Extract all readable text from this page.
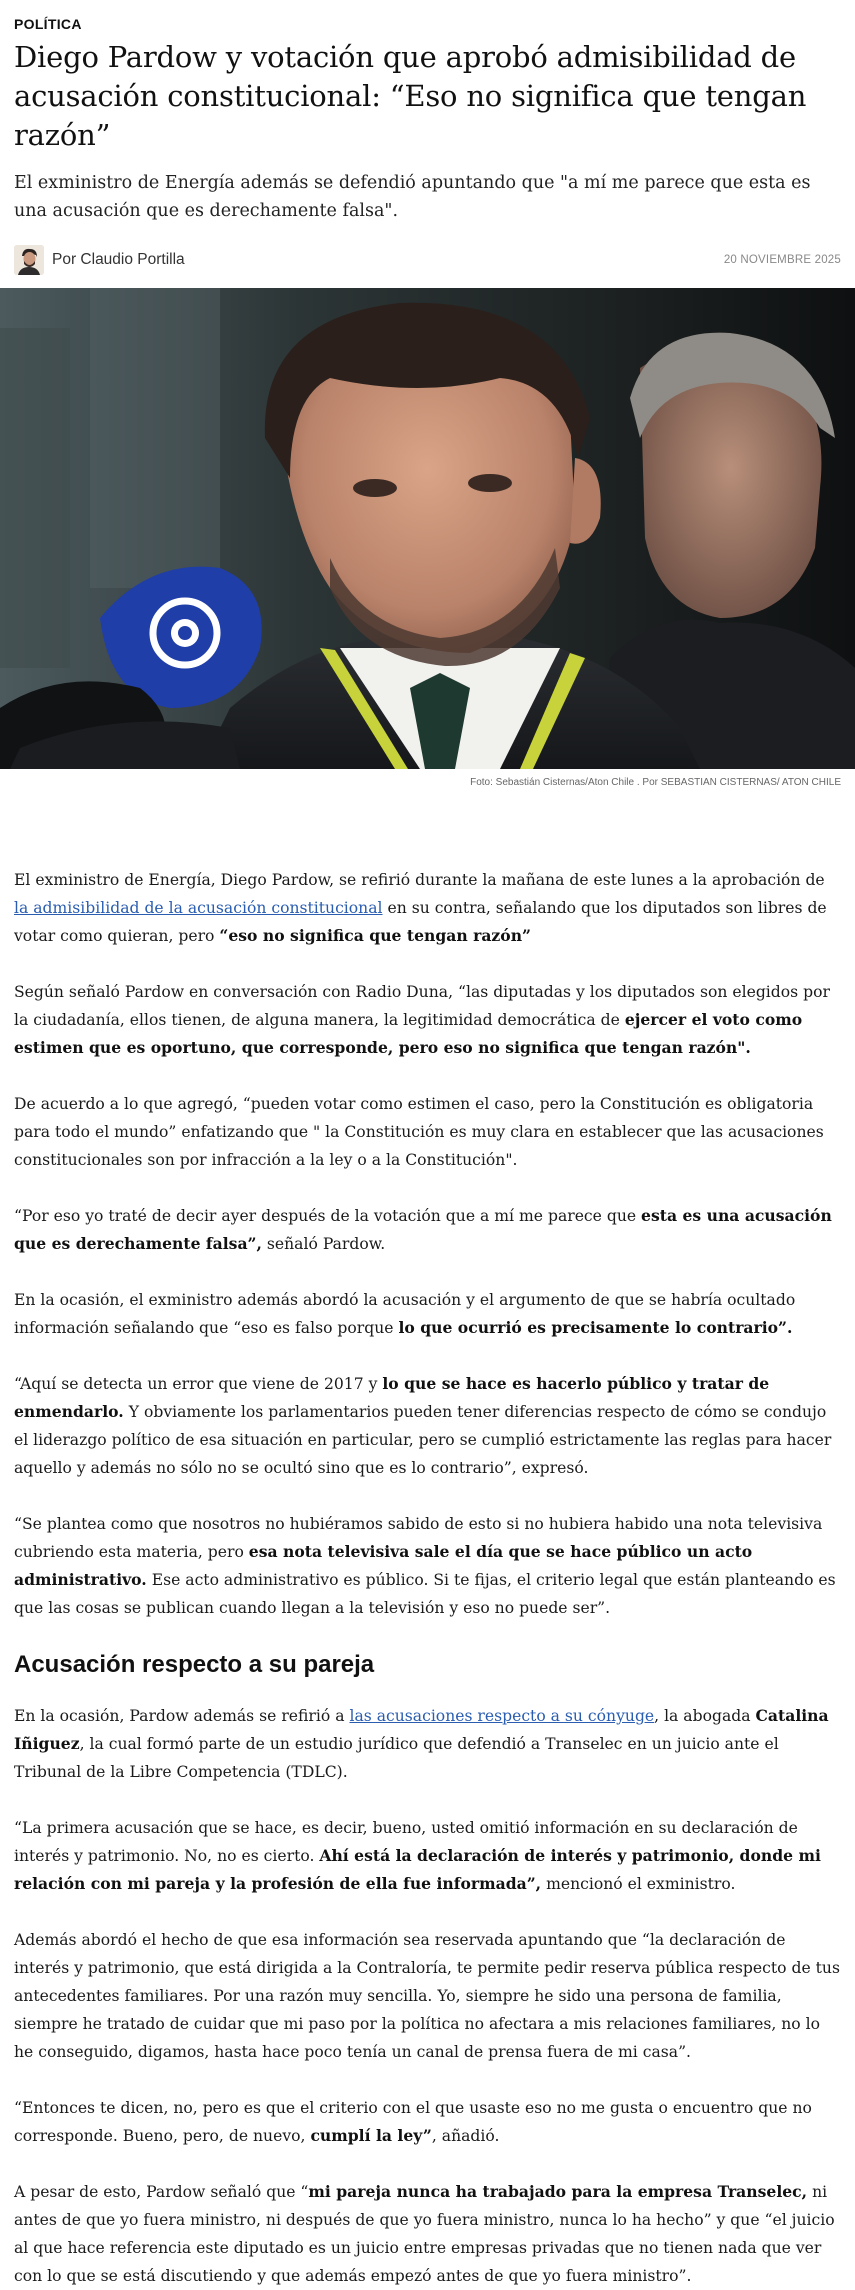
POLÍTICA
Diego Pardow y votación que aprobó admisibilidad de acusación constitucional: “Eso no significa que tengan razón”
El exministro de Energía además se defendió apuntando que "a mí me parece que esta es una acusación que es derechamente falsa".
Por Claudio Portilla	20 NOVIEMBRE 2025
Foto: Sebastián Cisternas/Aton Chile . Por SEBASTIAN CISTERNAS/ ATON CHILE

El exministro de Energía, Diego Pardow, se refirió durante la mañana de este lunes a la aprobación de la admisibilidad de la acusación constitucional en su contra, señalando que los diputados son libres de votar como quieran, pero “eso no significa que tengan razón”

Según señaló Pardow en conversación con Radio Duna, “las diputadas y los diputados son elegidos por la ciudadanía, ellos tienen, de alguna manera, la legitimidad democrática de ejercer el voto como estimen que es oportuno, que corresponde, pero eso no significa que tengan razón".

De acuerdo a lo que agregó, “pueden votar como estimen el caso, pero la Constitución es obligatoria para todo el mundo” enfatizando que " la Constitución es muy clara en establecer que las acusaciones constitucionales son por infracción a la ley o a la Constitución".

“Por eso yo traté de decir ayer después de la votación que a mí me parece que esta es una acusación que es derechamente falsa”, señaló Pardow.

En la ocasión, el exministro además abordó la acusación y el argumento de que se habría ocultado información señalando que “eso es falso porque lo que ocurrió es precisamente lo contrario”.

“Aquí se detecta un error que viene de 2017 y lo que se hace es hacerlo público y tratar de enmendarlo. Y obviamente los parlamentarios pueden tener diferencias respecto de cómo se condujo el liderazgo político de esa situación en particular, pero se cumplió estrictamente las reglas para hacer aquello y además no sólo no se ocultó sino que es lo contrario”, expresó.

“Se plantea como que nosotros no hubiéramos sabido de esto si no hubiera habido una nota televisiva cubriendo esta materia, pero esa nota televisiva sale el día que se hace público un acto administrativo. Ese acto administrativo es público. Si te fijas, el criterio legal que están planteando es que las cosas se publican cuando llegan a la televisión y eso no puede ser”.

Acusación respecto a su pareja

En la ocasión, Pardow además se refirió a las acusaciones respecto a su cónyuge, la abogada Catalina Iñiguez, la cual formó parte de un estudio jurídico que defendió a Transelec en un juicio ante el Tribunal de la Libre Competencia (TDLC).

“La primera acusación que se hace, es decir, bueno, usted omitió información en su declaración de interés y patrimonio. No, no es cierto. Ahí está la declaración de interés y patrimonio, donde mi relación con mi pareja y la profesión de ella fue informada”, mencionó el exministro.

Además abordó el hecho de que esa información sea reservada apuntando que “la declaración de interés y patrimonio, que está dirigida a la Contraloría, te permite pedir reserva pública respecto de tus antecedentes familiares. Por una razón muy sencilla. Yo, siempre he sido una persona de familia, siempre he tratado de cuidar que mi paso por la política no afectara a mis relaciones familiares, no lo he conseguido, digamos, hasta hace poco tenía un canal de prensa fuera de mi casa”.

“Entonces te dicen, no, pero es que el criterio con el que usaste eso no me gusta o encuentro que no corresponde. Bueno, pero, de nuevo, cumplí la ley”, añadió.

A pesar de esto, Pardow señaló que “mi pareja nunca ha trabajado para la empresa Transelec, ni antes de que yo fuera ministro, ni después de que yo fuera ministro, nunca lo ha hecho” y que “el juicio al que hace referencia este diputado es un juicio entre empresas privadas que no tienen nada que ver con lo que se está discutiendo y que además empezó antes de que yo fuera ministro”.
